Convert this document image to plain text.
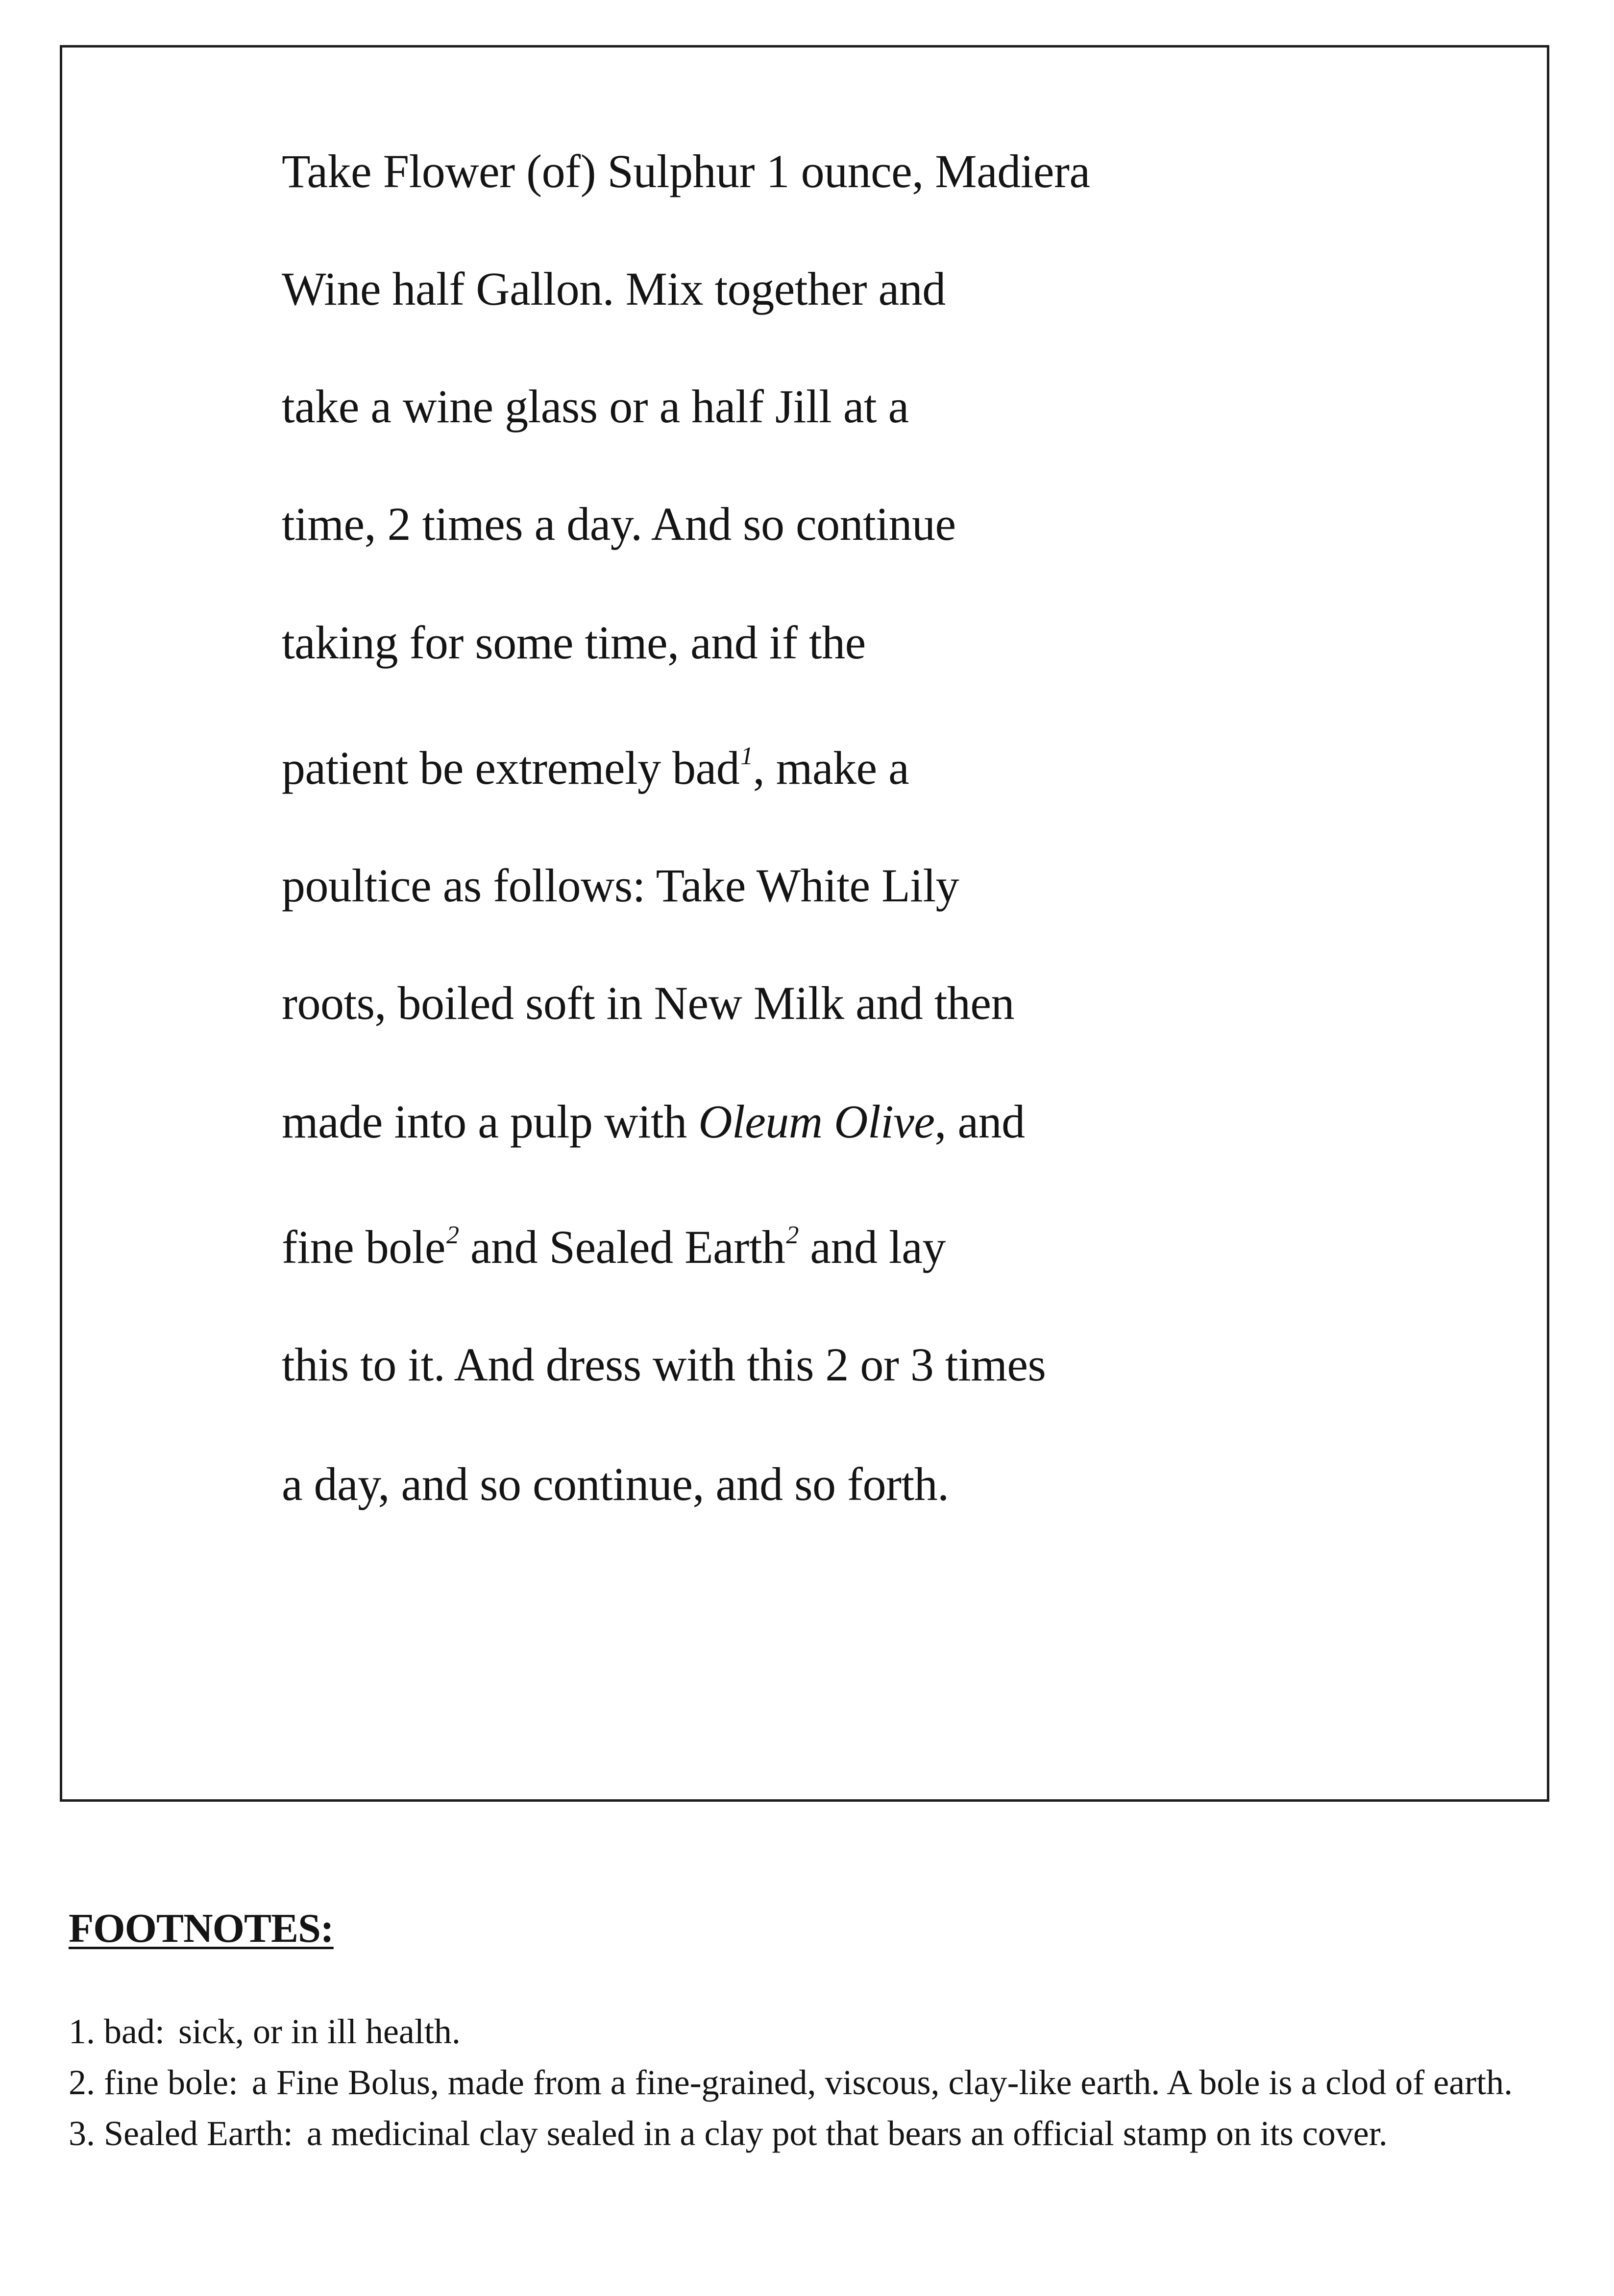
Take Flower (of) Sulphur 1 ounce, Madiera
Wine half Gallon. Mix together and
take a wine glass or a half Jill at a
time, 2 times a day. And so continue
taking for some time, and if the
patient be extremely bad$^1$, make a
poultice as follows: Take White Lily
roots, boiled soft in New Milk and then
made into a pulp with Oleum Olive, and
fine bole$^2$ and Sealed Earth$^2$ and lay
this to it. And dress with this 2 or 3 times
a day, and so continue, and so forth.
FOOTNOTES:

1. bad: sick, or in ill health.

2. fine bole: a Fine Bolus, made from a fine-grained, viscous, clay-like earth. A bole is a clod of earth.

3. Sealed Earth: a medicinal clay sealed in a clay pot that bears an official stamp on its cover.
